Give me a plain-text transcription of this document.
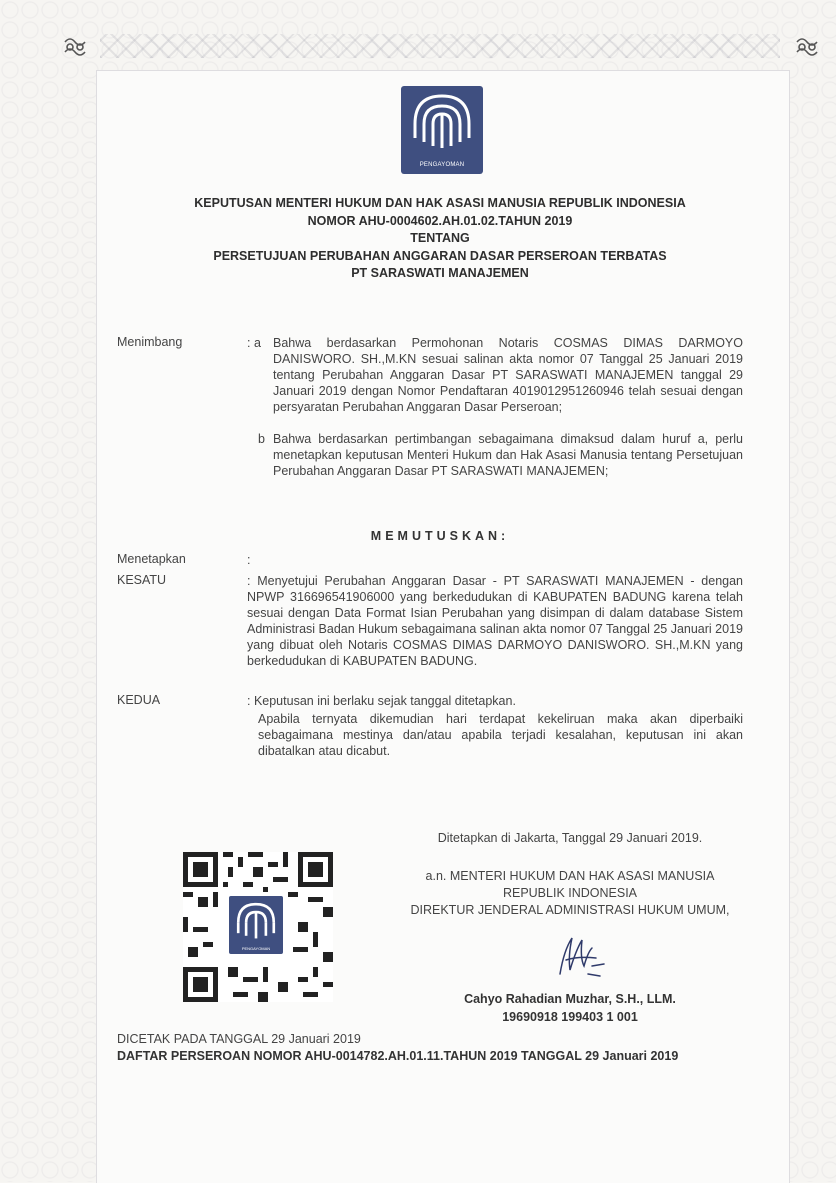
PENGAYOMAN
KEPUTUSAN MENTERI HUKUM DAN HAK ASASI MANUSIA REPUBLIK INDONESIA
NOMOR AHU-0004602.AH.01.02.TAHUN 2019
TENTANG
PERSETUJUAN PERUBAHAN ANGGARAN DASAR PERSEROAN TERBATAS
PT SARASWATI MANAJEMEN
Menimbang	: a Bahwa berdasarkan Permohonan Notaris COSMAS DIMAS DARMOYO DANISWORO. SH.,M.KN sesuai salinan akta nomor 07 Tanggal 25 Januari 2019 tentang Perubahan Anggaran Dasar PT SARASWATI MANAJEMEN tanggal 29 Januari 2019 dengan Nomor Pendaftaran 4019012951260946 telah sesuai dengan persyaratan Perubahan Anggaran Dasar Perseroan;
b Bahwa berdasarkan pertimbangan sebagaimana dimaksud dalam huruf a, perlu menetapkan keputusan Menteri Hukum dan Hak Asasi Manusia tentang Persetujuan Perubahan Anggaran Dasar PT SARASWATI MANAJEMEN;
MEMUTUSKAN:
Menetapkan	:
KESATU	: Menyetujui Perubahan Anggaran Dasar - PT SARASWATI MANAJEMEN - dengan NPWP 316696541906000 yang berkedudukan di KABUPATEN BADUNG karena telah sesuai dengan Data Format Isian Perubahan yang disimpan di dalam database Sistem Administrasi Badan Hukum sebagaimana salinan akta nomor 07 Tanggal 25 Januari 2019 yang dibuat oleh Notaris COSMAS DIMAS DARMOYO DANISWORO. SH.,M.KN yang berkedudukan di KABUPATEN BADUNG.
KEDUA	: Keputusan ini berlaku sejak tanggal ditetapkan.
Apabila ternyata dikemudian hari terdapat kekeliruan maka akan diperbaiki sebagaimana mestinya dan/atau apabila terjadi kesalahan, keputusan ini akan dibatalkan atau dicabut.
PENGAYOMAN
Ditetapkan di Jakarta, Tanggal 29 Januari 2019.
a.n. MENTERI HUKUM DAN HAK ASASI MANUSIA
REPUBLIK INDONESIA
DIREKTUR JENDERAL ADMINISTRASI HUKUM UMUM,
Cahyo Rahadian Muzhar, S.H., LLM.
19690918 199403 1 001
DICETAK PADA TANGGAL 29 Januari 2019
DAFTAR PERSEROAN NOMOR AHU-0014782.AH.01.11.TAHUN 2019 TANGGAL 29 Januari 2019
